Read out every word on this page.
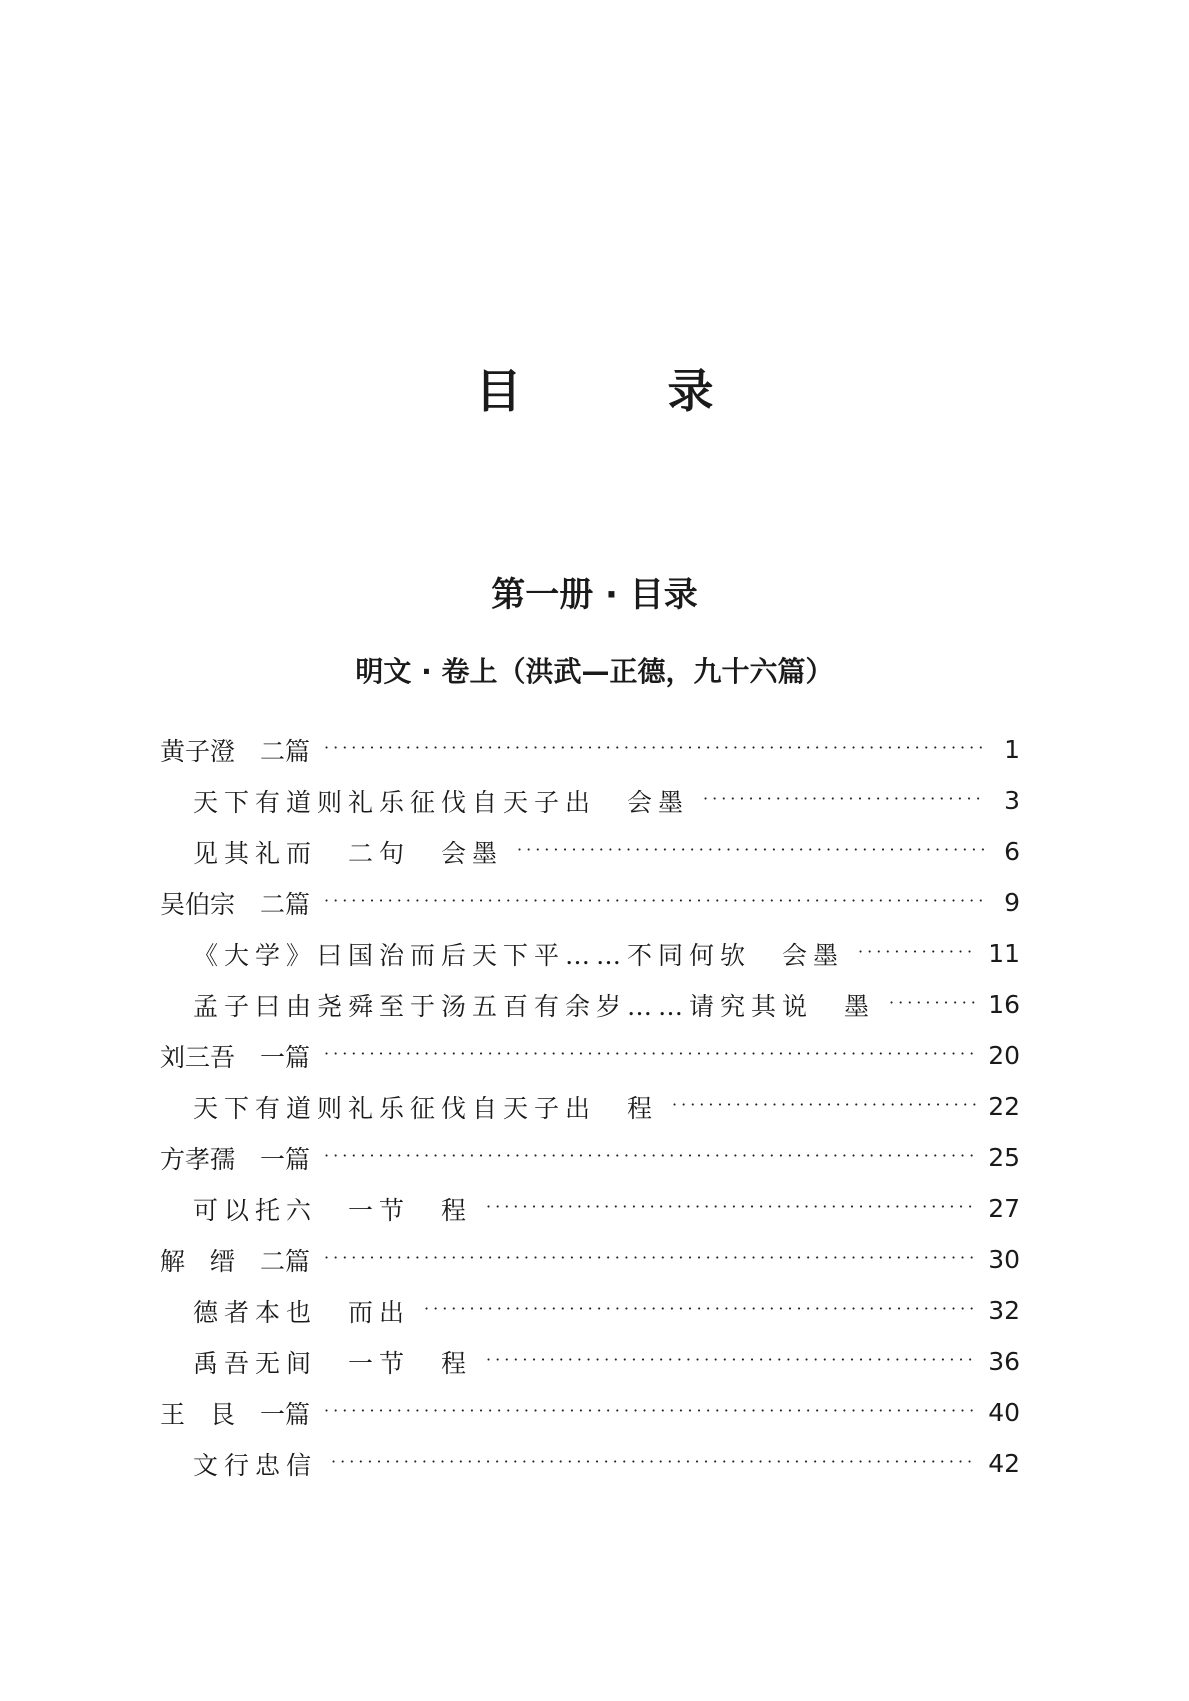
目　录
第一册 · 目录
明文 · 卷上（洪武—正德，九十六篇）
黄子澄　二篇 ·····	1
天下有道则礼乐征伐自天子出　会墨 ·····	3
见其礼而　二句　会墨 ·····	6
吴伯宗　二篇 ·····	9
《大学》曰国治而后天下平……不同何欤　会墨 ·····	11
孟子曰由尧舜至于汤五百有余岁……请究其说　墨 ·····	16
刘三吾　一篇 ·····	20
天下有道则礼乐征伐自天子出　程 ·····	22
方孝孺　一篇 ·····	25
可以托六　一节　程 ·····	27
解　缙　二篇 ·····	30
德者本也　而出 ·····	32
禹吾无间　一节　程 ·····	36
王　艮　一篇 ·····	40
文行忠信 ·····	42
